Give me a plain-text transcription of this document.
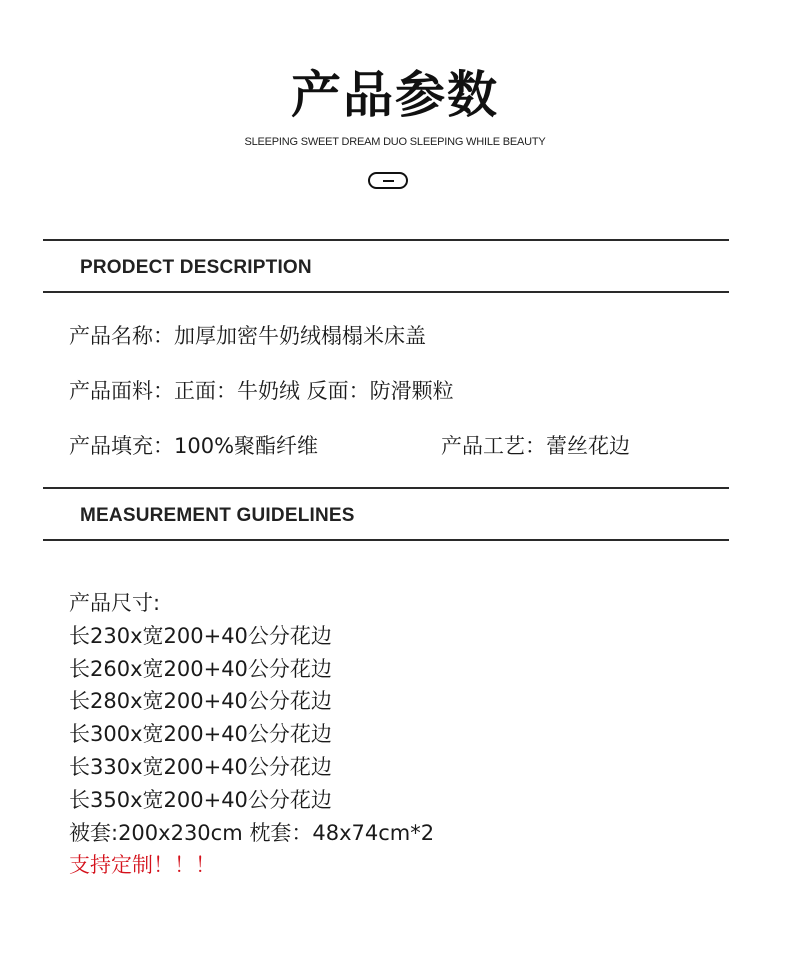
产品参数
SLEEPING SWEET DREAM DUO SLEEPING WHILE BEAUTY
PRODECT DESCRIPTION
产品名称：加厚加密牛奶绒榻榻米床盖
产品面料：正面：牛奶绒 反面：防滑颗粒
产品填充：100%聚酯纤维	产品工艺：蕾丝花边
MEASUREMENT GUIDELINES
产品尺寸:
长230x宽200+40公分花边
长260x宽200+40公分花边
长280x宽200+40公分花边
长300x宽200+40公分花边
长330x宽200+40公分花边
长350x宽200+40公分花边
被套:200x230cm 枕套：48x74cm*2
支持定制！！！
